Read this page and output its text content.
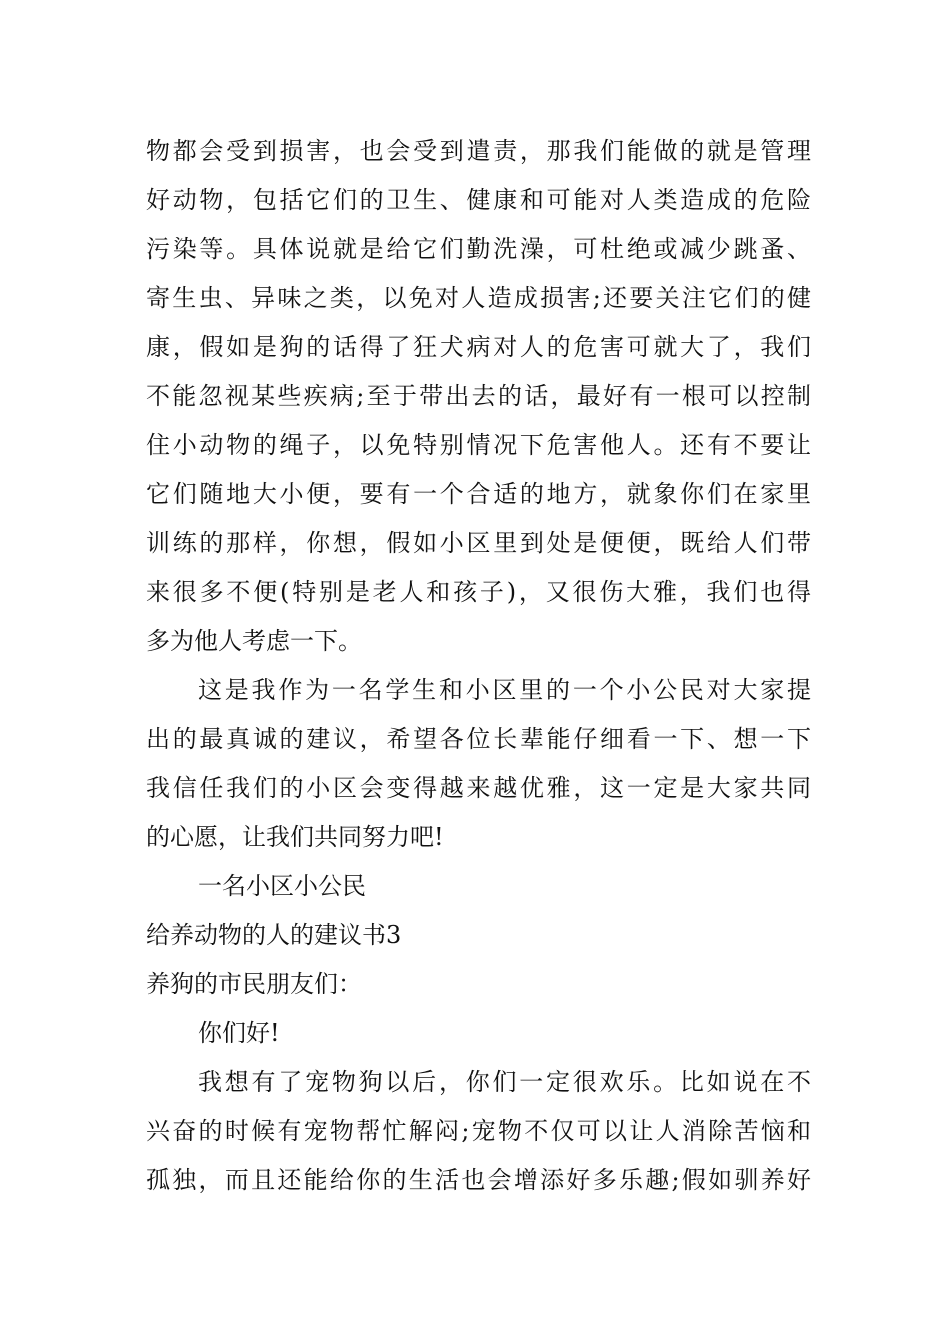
物都会受到损害，也会受到遣责，那我们能做的就是管理
好动物，包括它们的卫生、健康和可能对人类造成的危险
污染等。具体说就是给它们勤洗澡，可杜绝或减少跳蚤、
寄生虫、异味之类，以免对人造成损害;还要关注它们的健
康，假如是狗的话得了狂犬病对人的危害可就大了，我们
不能忽视某些疾病;至于带出去的话，最好有一根可以控制
住小动物的绳子，以免特别情况下危害他人。还有不要让
它们随地大小便，要有一个合适的地方，就象你们在家里
训练的那样，你想，假如小区里到处是便便，既给人们带
来很多不便(特别是老人和孩子)，又很伤大雅，我们也得
多为他人考虑一下。
这是我作为一名学生和小区里的一个小公民对大家提
出的最真诚的建议，希望各位长辈能仔细看一下、想一下
我信任我们的小区会变得越来越优雅，这一定是大家共同
的心愿，让我们共同努力吧!
一名小区小公民
给养动物的人的建议书3
养狗的市民朋友们：
你们好!
我想有了宠物狗以后，你们一定很欢乐。比如说在不
兴奋的时候有宠物帮忙解闷;宠物不仅可以让人消除苦恼和
孤独，而且还能给你的生活也会增添好多乐趣;假如驯养好
